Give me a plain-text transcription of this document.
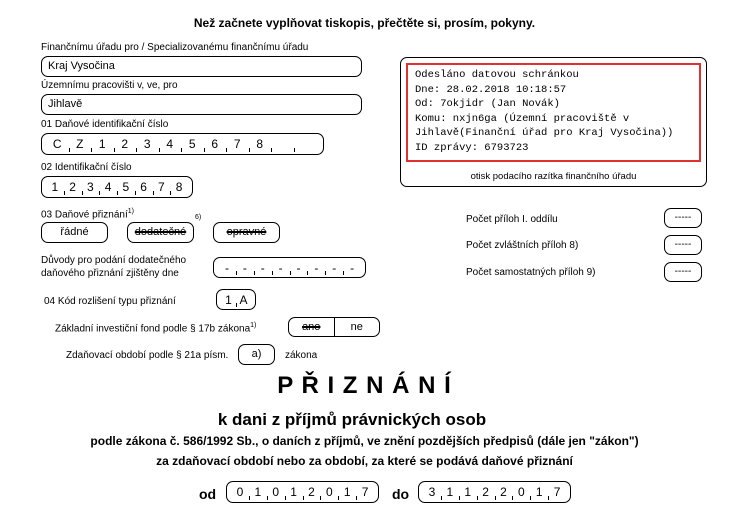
Než začnete vyplňovat tiskopis, přečtěte si, prosím, pokyny.
Finančnímu úřadu pro / Specializovanému finančnímu úřadu
Kraj Vysočina
Územnímu pracovišti v, ve, pro
Jihlavě
01 Daňové identifikační číslo
C	Z	1	2	3	4	5	6	7	8
02 Identifikační číslo
1 2 3 4 5 6 7 8
Odesláno datovou schránkou
Dne: 28.02.2018 10:18:57
Od: 7okjidr (Jan Novák)
Komu: nxjn6ga (Územní pracoviště v
Jihlavě(Finanční úřad pro Kraj Vysočina))
ID zprávy: 6793723
otisk podacího razítka finančního úřadu
03 Daňové přiznání$^{1)}$
řádné	dodatečné
6)
opravné
Počet příloh I. oddílu	-----
Počet zvláštních příloh 8)	-----
Počet samostatných příloh 9)	-----
Důvody pro podání dodatečného
daňového přiznání zjištěny dne	-	-	-	-	-	-	-	-
04 Kód rozlišení typu přiznání	1 A
Základní investiční fond podle § 17b zákona$^{1)}$	ano	ne
Zdaňovací období podle § 21a písm.	a)	zákona
P Ř I Z N Á N Í
k dani z příjmů právnických osob
podle zákona č. 586/1992 Sb., o daních z příjmů, ve znění pozdějších předpisů (dále jen "zákon")
za zdaňovací období nebo za období, za které se podává daňové přiznání
od	0 1 0 1 2 0 1 7	do	3 1 1 2 2 0 1 7
